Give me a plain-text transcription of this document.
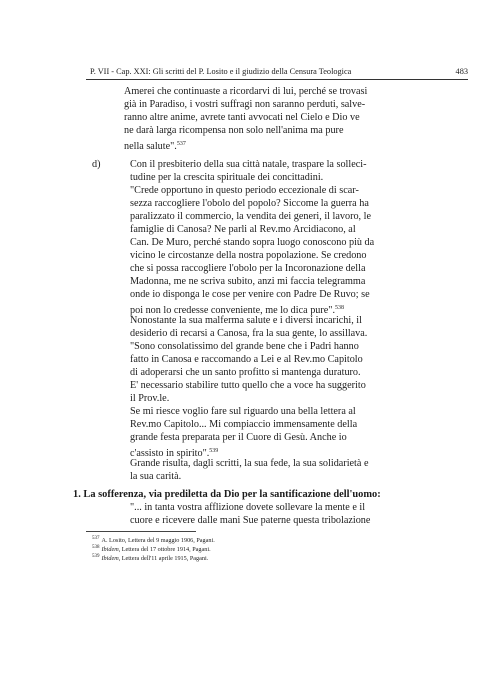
P. VII - Cap. XXI: Gli scritti del P. Losito e il giudizio della Censura Teologica	483
Amerei che continuaste a ricordarvi di lui, perché se trovasi
già in Paradiso, i vostri suffragi non saranno perduti, salve-
ranno altre anime, avrete tanti avvocati nel Cielo e Dio ve
ne darà larga ricompensa non solo nell'anima ma pure
nella salute".$^{537}$
d)	Con il presbiterio della sua città natale, traspare la solleci-
tudine per la crescita spirituale dei concittadini.
"Crede opportuno in questo periodo eccezionale di scar-
sezza raccogliere l'obolo del popolo? Siccome la guerra ha
paralizzato il commercio, la vendita dei generi, il lavoro, le
famiglie di Canosa? Ne parli al Rev.mo Arcidiacono, al
Can. De Muro, perché stando sopra luogo conoscono più da
vicino le circostanze della nostra popolazione. Se credono
che si possa raccogliere l'obolo per la Incoronazione della
Madonna, me ne scriva subito, anzi mi faccia telegramma
onde io disponga le cose per venire con Padre De Ruvo; se
poi non lo credesse conveniente, me lo dica pure".$^{538}$
Nonostante la sua malferma salute e i diversi incarichi, il
desiderio di recarsi a Canosa, fra la sua gente, lo assillava.
"Sono consolatissimo del grande bene che i Padri hanno
fatto in Canosa e raccomando a Lei e al Rev.mo Capitolo
di adoperarsi che un santo profitto si mantenga duraturo.
E' necessario stabilire tutto quello che a voce ha suggerito
il Prov.le.
Se mi riesce voglio fare sul riguardo una bella lettera al
Rev.mo Capitolo... Mi compiaccio immensamente della
grande festa preparata per il Cuore di Gesù. Anche io
c'assisto in spirito".$^{539}$
Grande risulta, dagli scritti, la sua fede, la sua solidarietà e
la sua carità.
1. La sofferenza, via prediletta da Dio per la santificazione dell'uomo:
"... in tanta vostra afflizione dovete sollevare la mente e il
cuore e ricevere dalle mani Sue paterne questa tribolazione
$^{537}$ A. Losito, Lettera del 9 maggio 1906, Pagani.
$^{538}$ Ibidem, Lettera del 17 ottobre 1914, Pagani.
$^{539}$ Ibidem, Lettera dell'11 aprile 1915, Pagani.
